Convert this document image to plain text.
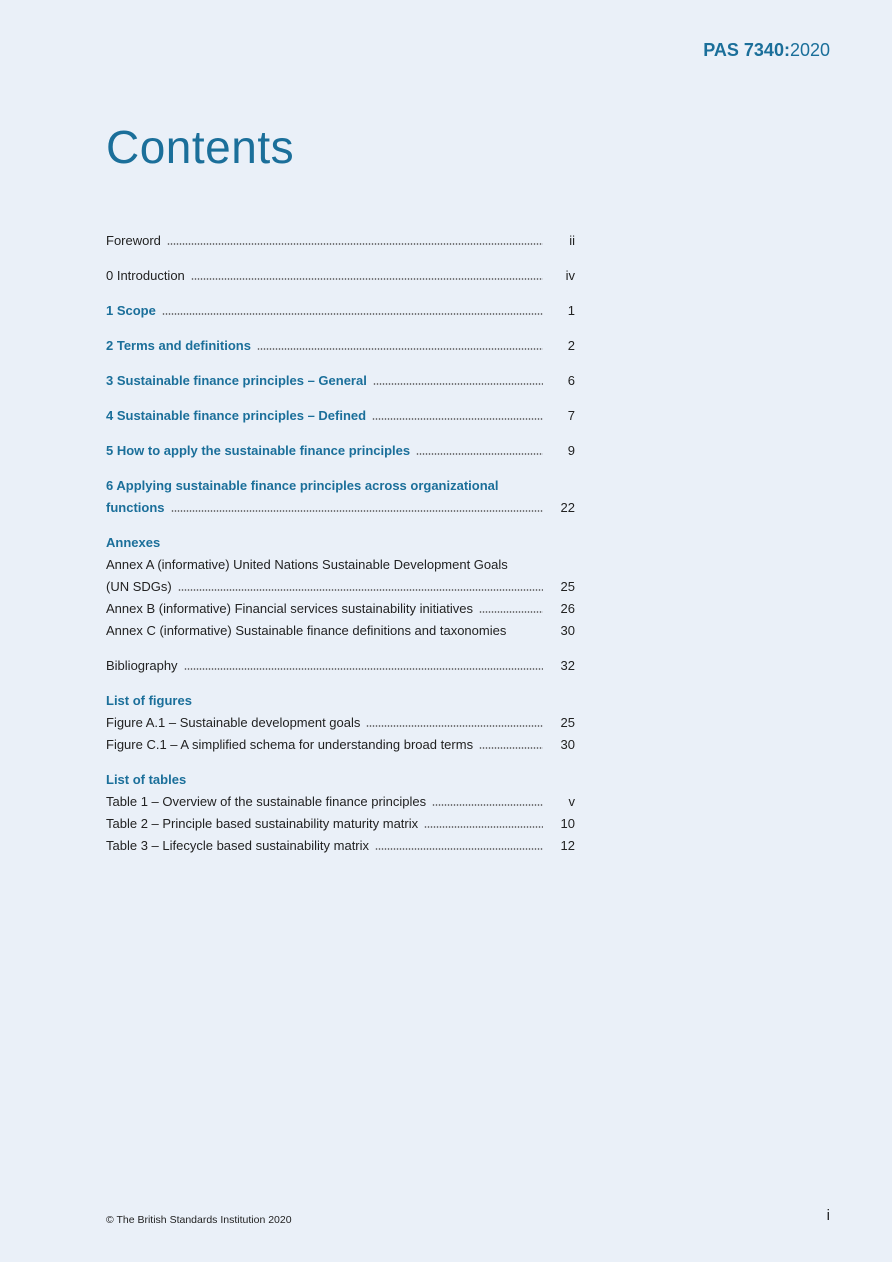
PAS 7340:2020
Contents
Foreword	ii
0 Introduction	iv
1 Scope	1
2 Terms and definitions	2
3 Sustainable finance principles – General	6
4 Sustainable finance principles – Defined	7
5 How to apply the sustainable finance principles	9
6 Applying sustainable finance principles across organizational
functions	22
Annexes
Annex A (informative) United Nations Sustainable Development Goals
(UN SDGs)	25
Annex B (informative) Financial services sustainability initiatives	26
Annex C (informative) Sustainable finance definitions and taxonomies	30
Bibliography	32
List of figures
Figure A.1 – Sustainable development goals	25
Figure C.1 – A simplified schema for understanding broad terms	30
List of tables
Table 1 – Overview of the sustainable finance principles	v
Table 2 – Principle based sustainability maturity matrix	10
Table 3 – Lifecycle based sustainability matrix	12
© The British Standards Institution 2020	i
